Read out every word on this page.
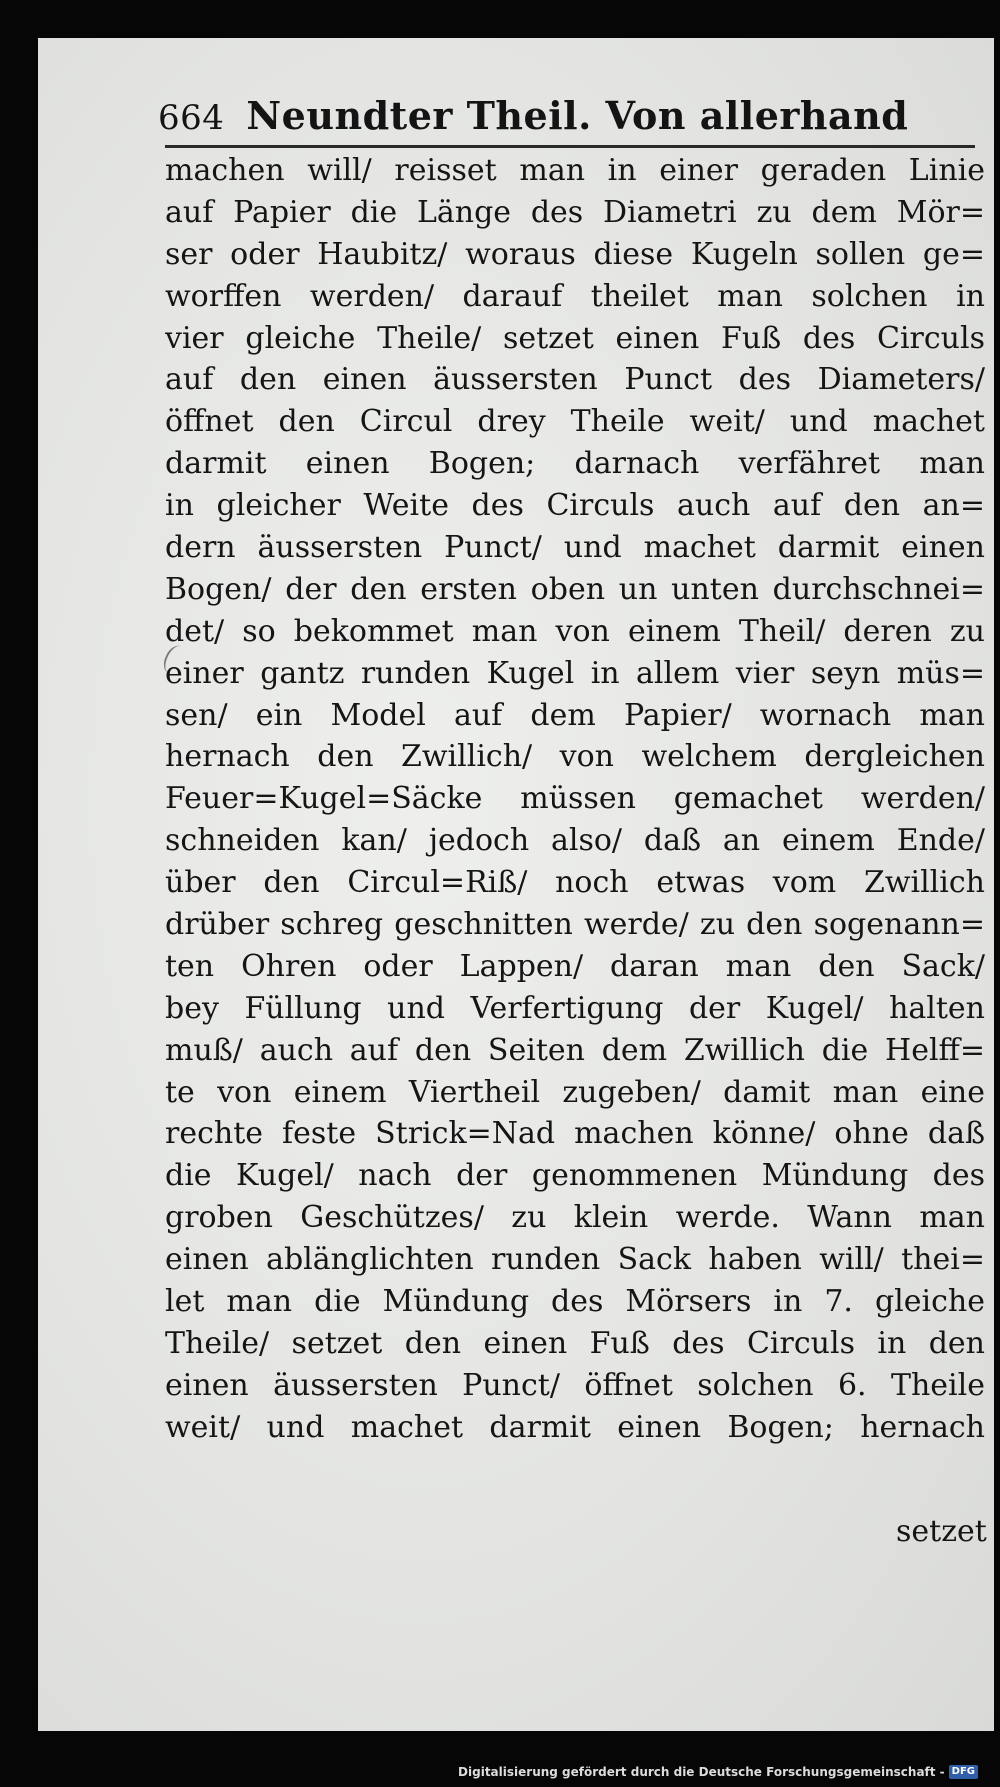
664 Neundter Theil. Von allerhand
machen will/ reisset man in einer geraden Linie
auf Papier die Länge des Diametri zu dem Mör=
ser oder Haubitz/ woraus diese Kugeln sollen ge=
worffen werden/ darauf theilet man solchen in
vier gleiche Theile/ setzet einen Fuß des Circuls
auf den einen äussersten Punct des Diameters/
öffnet den Circul drey Theile weit/ und machet
darmit einen Bogen; darnach verfähret man
in gleicher Weite des Circuls auch auf den an=
dern äussersten Punct/ und machet darmit einen
Bogen/ der den ersten oben un unten durchschnei=
det/ so bekommet man von einem Theil/ deren zu
einer gantz runden Kugel in allem vier seyn müs=
sen/ ein Model auf dem Papier/ wornach man
hernach den Zwillich/ von welchem dergleichen
Feuer=Kugel=Säcke müssen gemachet werden/
schneiden kan/ jedoch also/ daß an einem Ende/
über den Circul=Riß/ noch etwas vom Zwillich
drüber schreg geschnitten werde/ zu den sogenann=
ten Ohren oder Lappen/ daran man den Sack/
bey Füllung und Verfertigung der Kugel/ halten
muß/ auch auf den Seiten dem Zwillich die Helff=
te von einem Viertheil zugeben/ damit man eine
rechte feste Strick=Nad machen könne/ ohne daß
die Kugel/ nach der genommenen Mündung des
groben Geschützes/ zu klein werde. Wann man
einen ablänglichten runden Sack haben will/ thei=
let man die Mündung des Mörsers in 7. gleiche
Theile/ setzet den einen Fuß des Circuls in den
einen äussersten Punct/ öffnet solchen 6. Theile
weit/ und machet darmit einen Bogen; hernach
setzet
Digitalisierung gefördert durch die Deutsche Forschungsgemeinschaft - DFG
